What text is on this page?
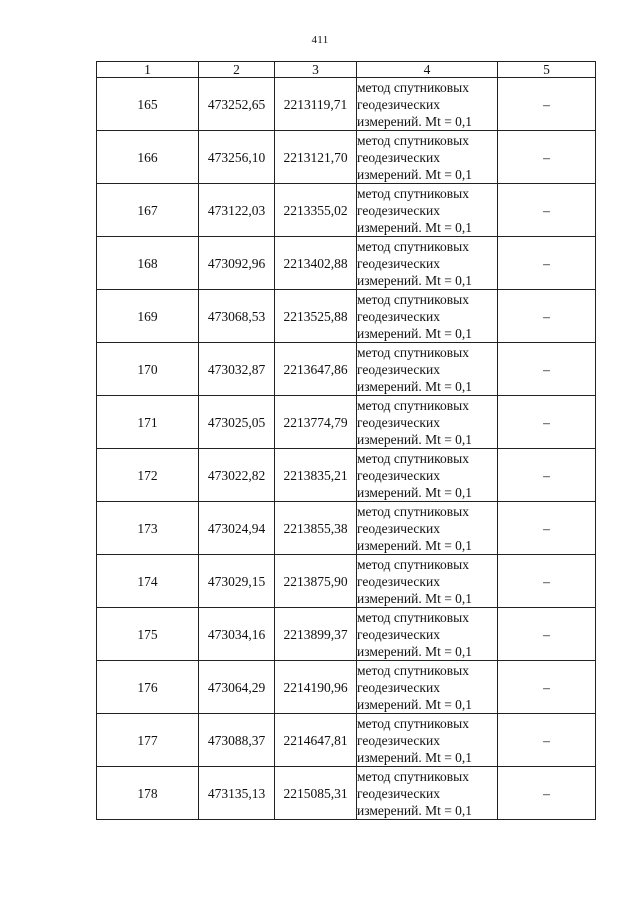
411
1	2	3	4	5
165	473252,65	2213119,71	метод спутниковых
геодезических
измерений. Mt = 0,1	–
166	473256,10	2213121,70	метод спутниковых
геодезических
измерений. Mt = 0,1	–
167	473122,03	2213355,02	метод спутниковых
геодезических
измерений. Mt = 0,1	–
168	473092,96	2213402,88	метод спутниковых
геодезических
измерений. Mt = 0,1	–
169	473068,53	2213525,88	метод спутниковых
геодезических
измерений. Mt = 0,1	–
170	473032,87	2213647,86	метод спутниковых
геодезических
измерений. Mt = 0,1	–
171	473025,05	2213774,79	метод спутниковых
геодезических
измерений. Mt = 0,1	–
172	473022,82	2213835,21	метод спутниковых
геодезических
измерений. Mt = 0,1	–
173	473024,94	2213855,38	метод спутниковых
геодезических
измерений. Mt = 0,1	–
174	473029,15	2213875,90	метод спутниковых
геодезических
измерений. Mt = 0,1	–
175	473034,16	2213899,37	метод спутниковых
геодезических
измерений. Mt = 0,1	–
176	473064,29	2214190,96	метод спутниковых
геодезических
измерений. Mt = 0,1	–
177	473088,37	2214647,81	метод спутниковых
геодезических
измерений. Mt = 0,1	–
178	473135,13	2215085,31	метод спутниковых
геодезических
измерений. Mt = 0,1	–
